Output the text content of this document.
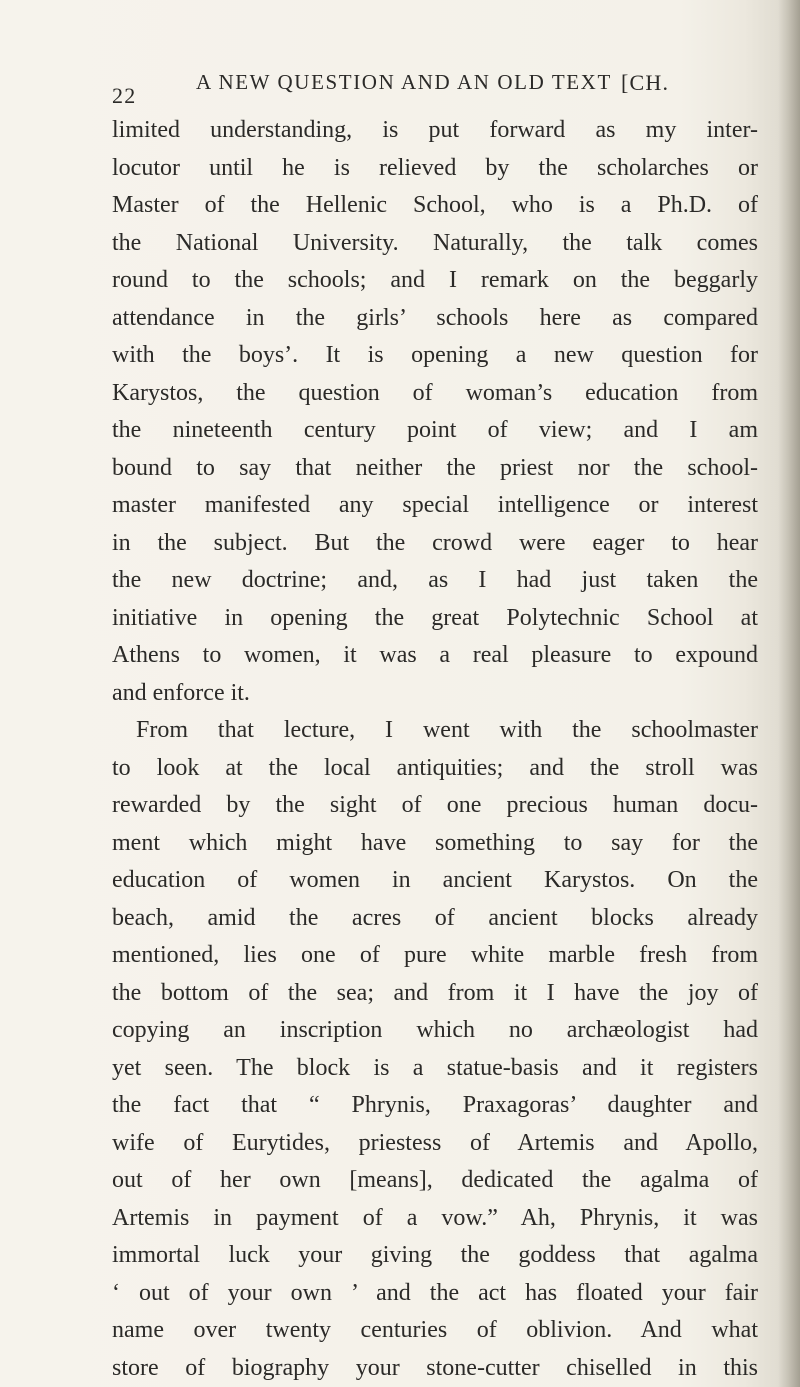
22
A NEW QUESTION AND AN OLD TEXT [CH.
limited understanding, is put forward as my inter-
locutor until he is relieved by the scholarches or
Master of the Hellenic School, who is a Ph.D. of
the National University. Naturally, the talk comes
round to the schools; and I remark on the beggarly
attendance in the girls’ schools here as compared
with the boys’. It is opening a new question for
Karystos, the question of woman’s education from
the nineteenth century point of view; and I am
bound to say that neither the priest nor the school-
master manifested any special intelligence or interest
in the subject. But the crowd were eager to hear
the new doctrine; and, as I had just taken the
initiative in opening the great Polytechnic School at
Athens to women, it was a real pleasure to expound
and enforce it.
From that lecture, I went with the schoolmaster
to look at the local antiquities; and the stroll was
rewarded by the sight of one precious human docu-
ment which might have something to say for the
education of women in ancient Karystos. On the
beach, amid the acres of ancient blocks already
mentioned, lies one of pure white marble fresh from
the bottom of the sea; and from it I have the joy of
copying an inscription which no archæologist had
yet seen. The block is a statue-basis and it registers
the fact that “ Phrynis, Praxagoras’ daughter and
wife of Eurytides, priestess of Artemis and Apollo,
out of her own [means], dedicated the agalma of
Artemis in payment of a vow.” Ah, Phrynis, it was
immortal luck your giving the goddess that agalma
‘ out of your own ’ and the act has floated your fair
name over twenty centuries of oblivion. And what
store of biography your stone-cutter chiselled in this
